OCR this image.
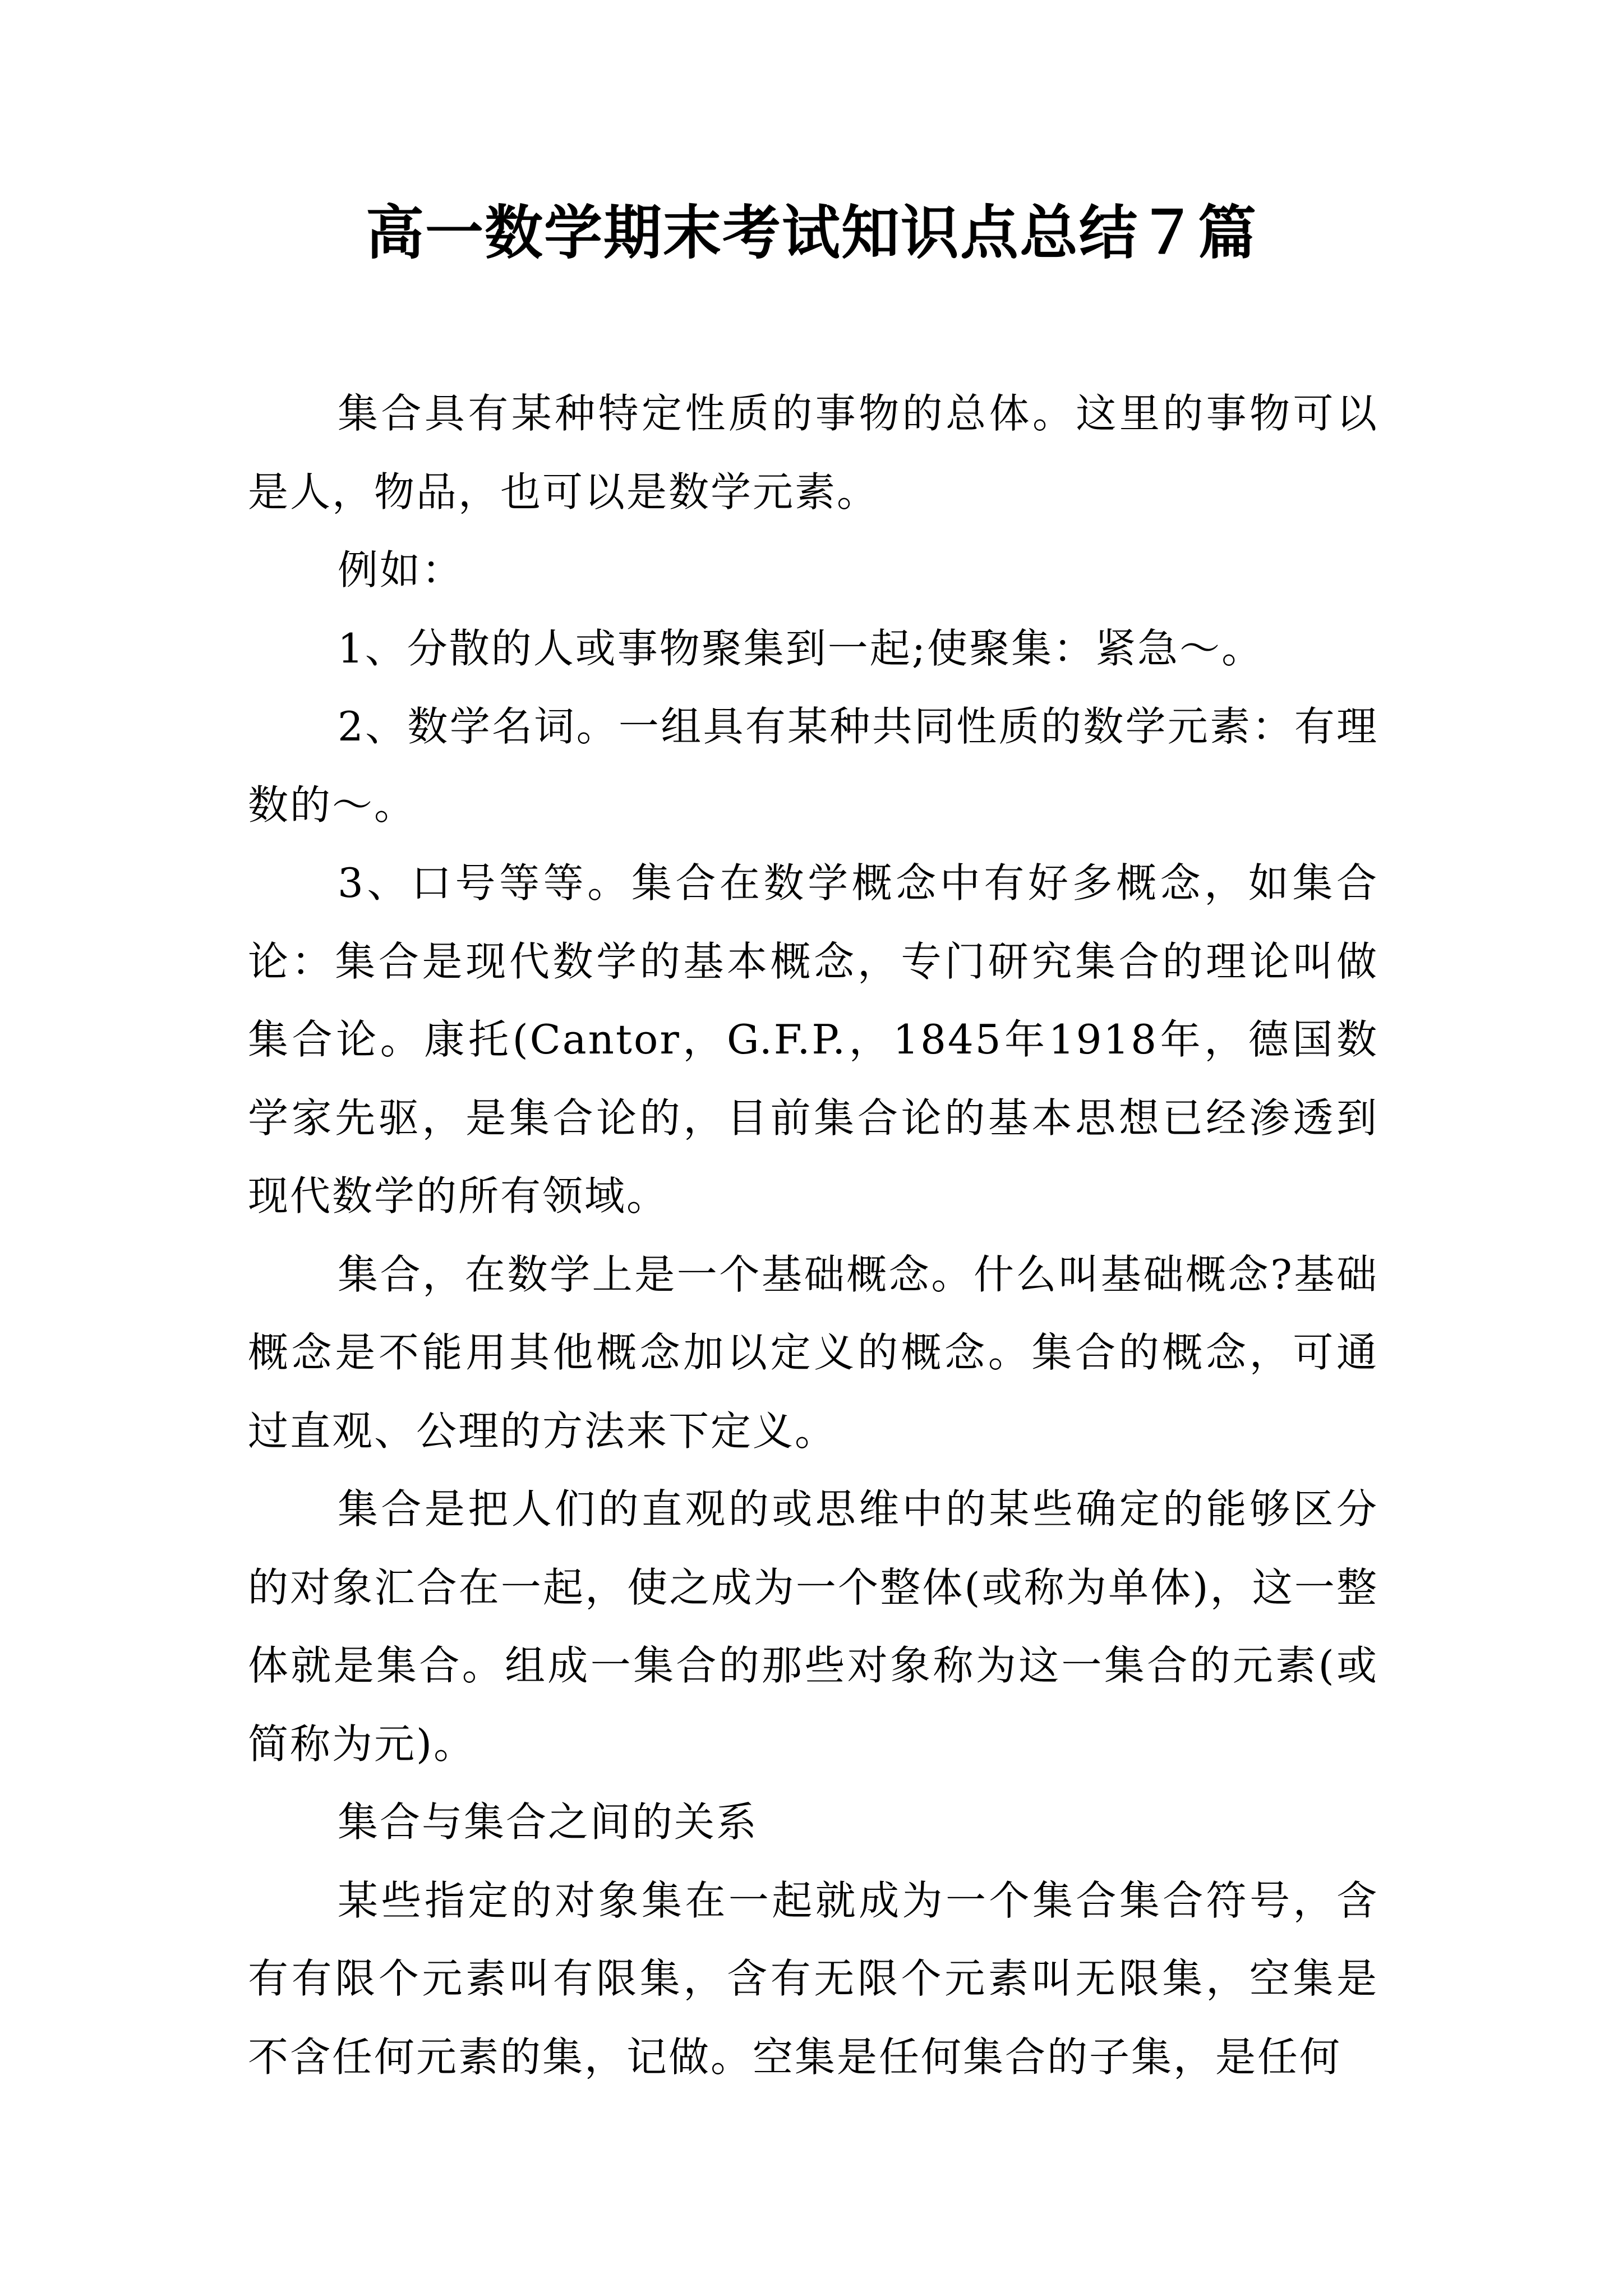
高一数学期末考试知识点总结７篇

集合具有某种特定性质的事物的总体。这里的事物可以是人，物品，也可以是数学元素。

例如：

1、分散的人或事物聚集到一起;使聚集：紧急～。

2、数学名词。一组具有某种共同性质的数学元素：有理数的～。

3、口号等等。集合在数学概念中有好多概念，如集合论：集合是现代数学的基本概念，专门研究集合的理论叫做集合论。康托(Cantor，G.F.P.，1845年1918年，德国数学家先驱，是集合论的，目前集合论的基本思想已经渗透到现代数学的所有领域。

集合，在数学上是一个基础概念。什么叫基础概念?基础概念是不能用其他概念加以定义的概念。集合的概念，可通过直观、公理的方法来下定义。

集合是把人们的直观的或思维中的某些确定的能够区分的对象汇合在一起，使之成为一个整体(或称为单体)，这一整体就是集合。组成一集合的那些对象称为这一集合的元素(或简称为元)。

集合与集合之间的关系

某些指定的对象集在一起就成为一个集合集合符号，含有有限个元素叫有限集，含有无限个元素叫无限集，空集是不含任何元素的集，记做。空集是任何集合的子集，是任何
